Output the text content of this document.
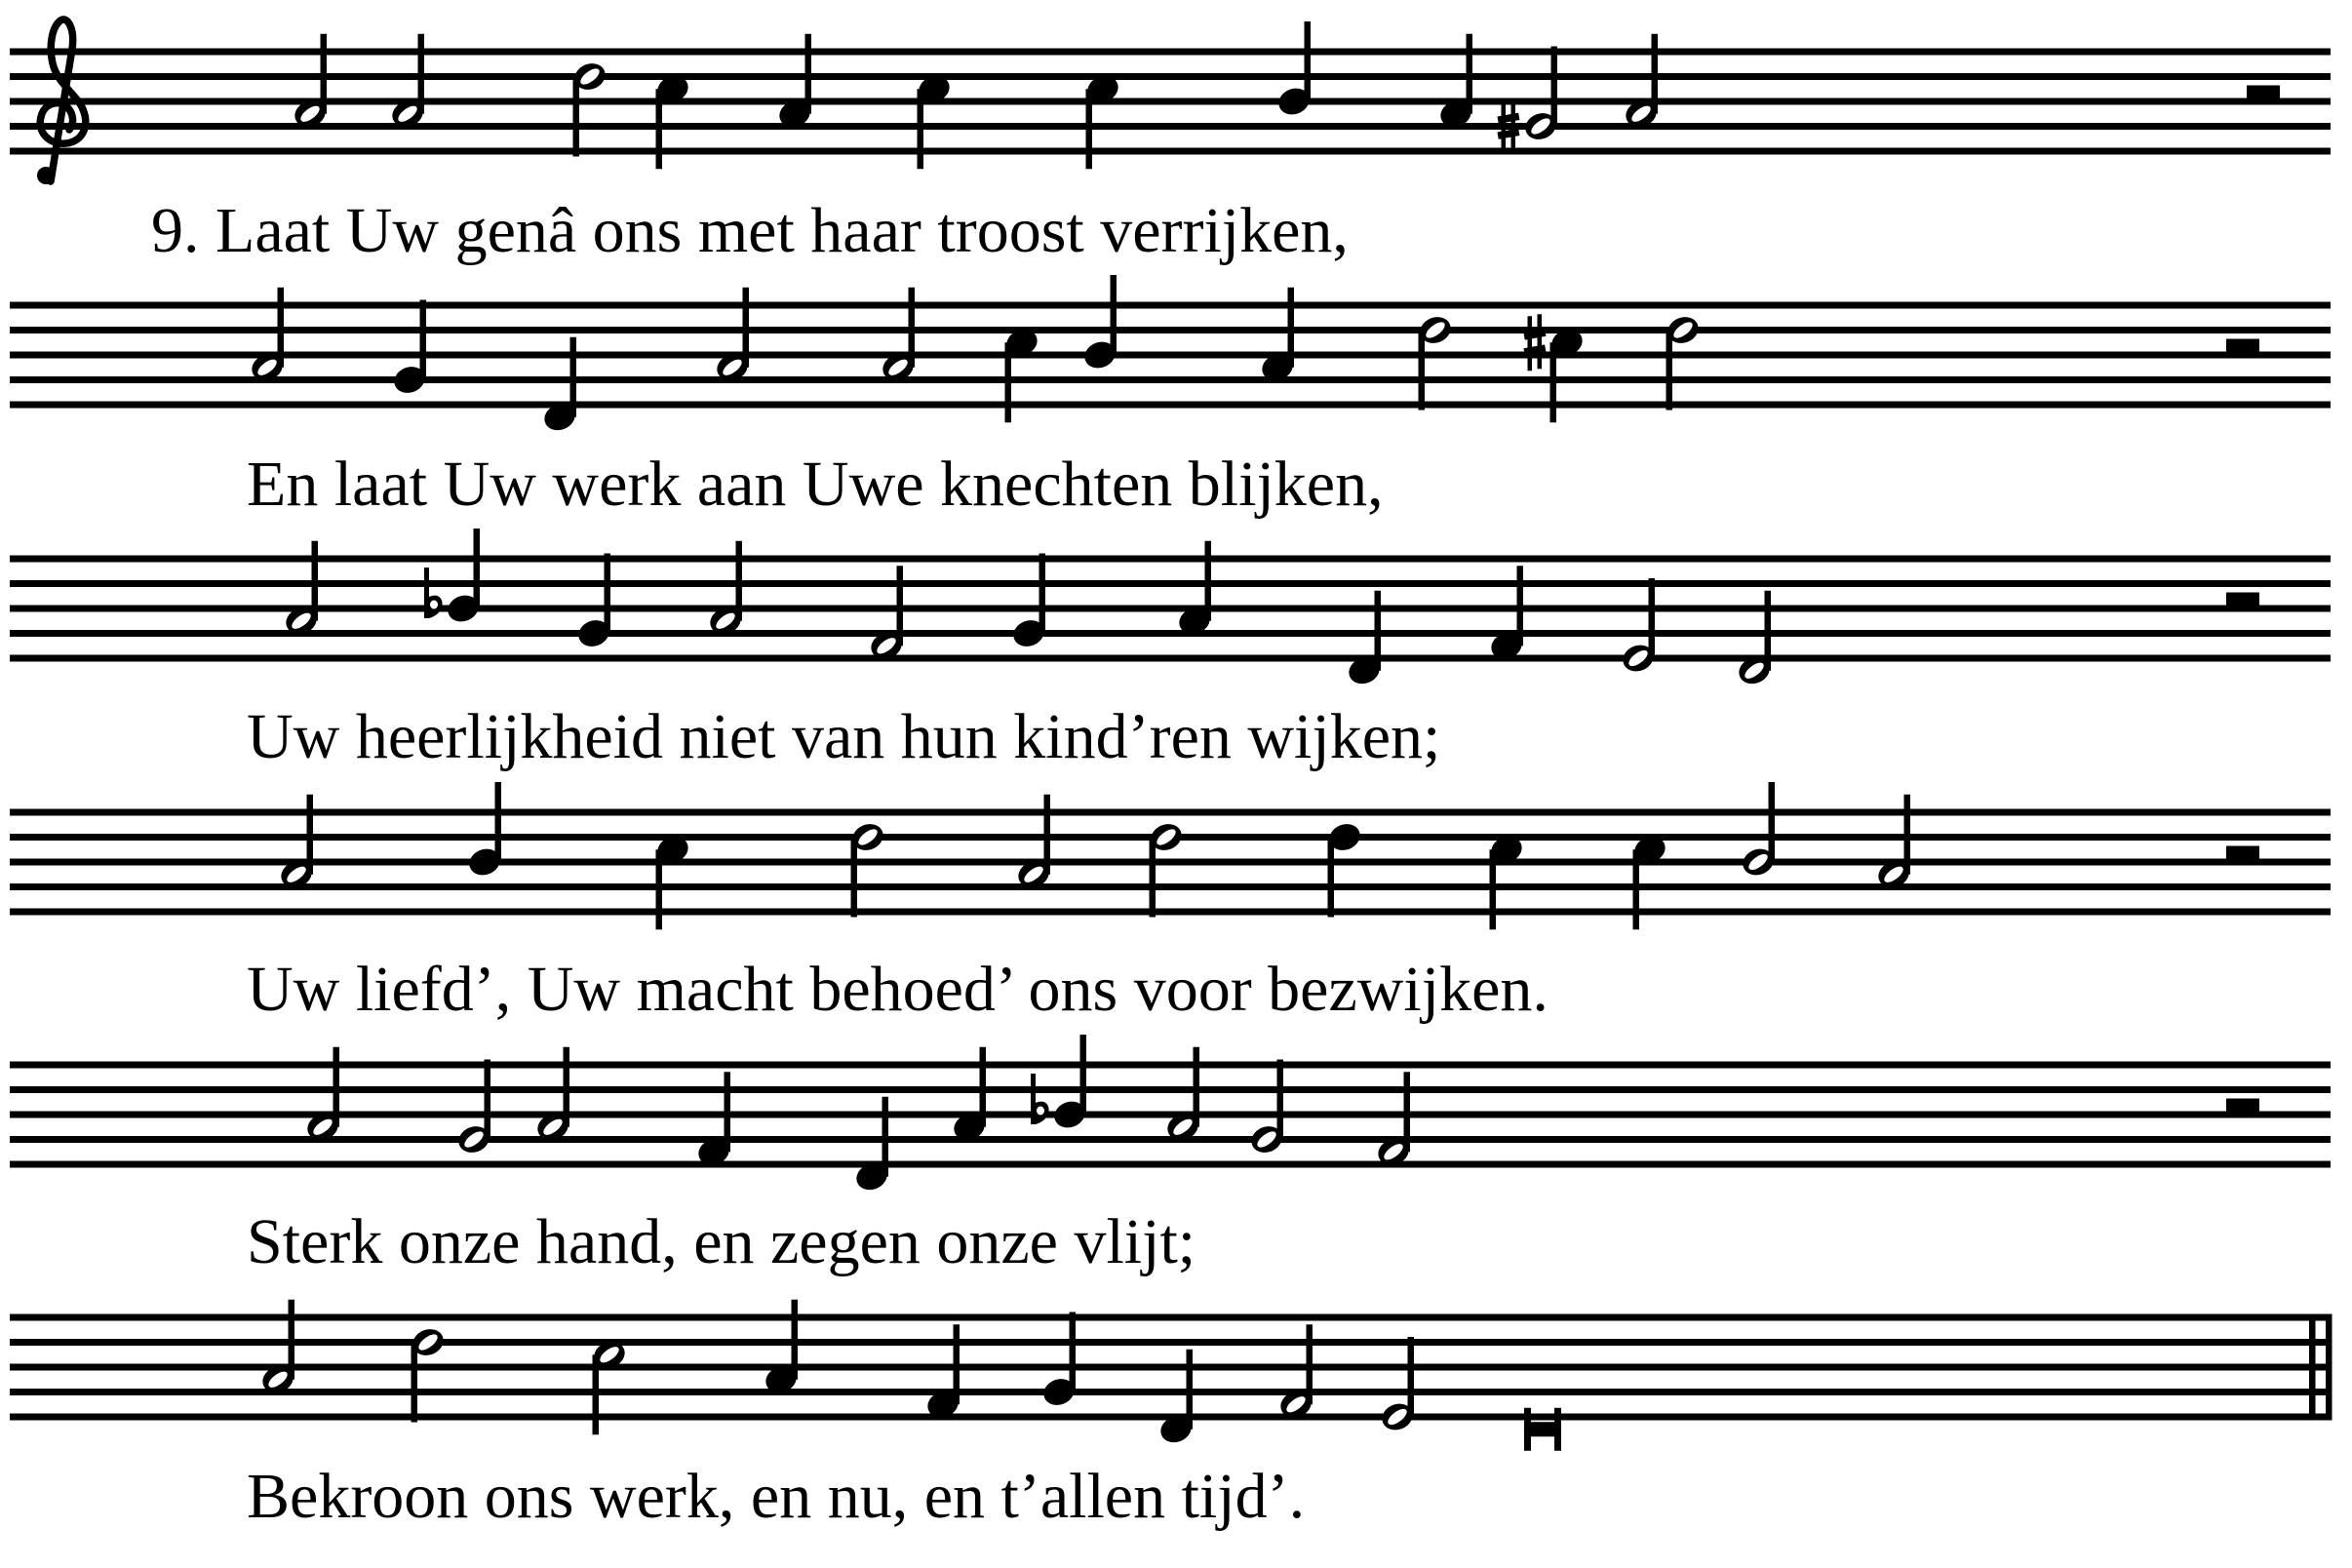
9. Laat Uw genâ ons met haar troost verrijken,
En laat Uw werk aan Uwe knechten blijken,
Uw heerlijkheid niet van hun kind’ren wijken;
Uw liefd’, Uw macht behoed’ ons voor bezwijken.
Sterk onze hand, en zegen onze vlijt;
Bekroon ons werk, en nu, en t’allen tijd’.
